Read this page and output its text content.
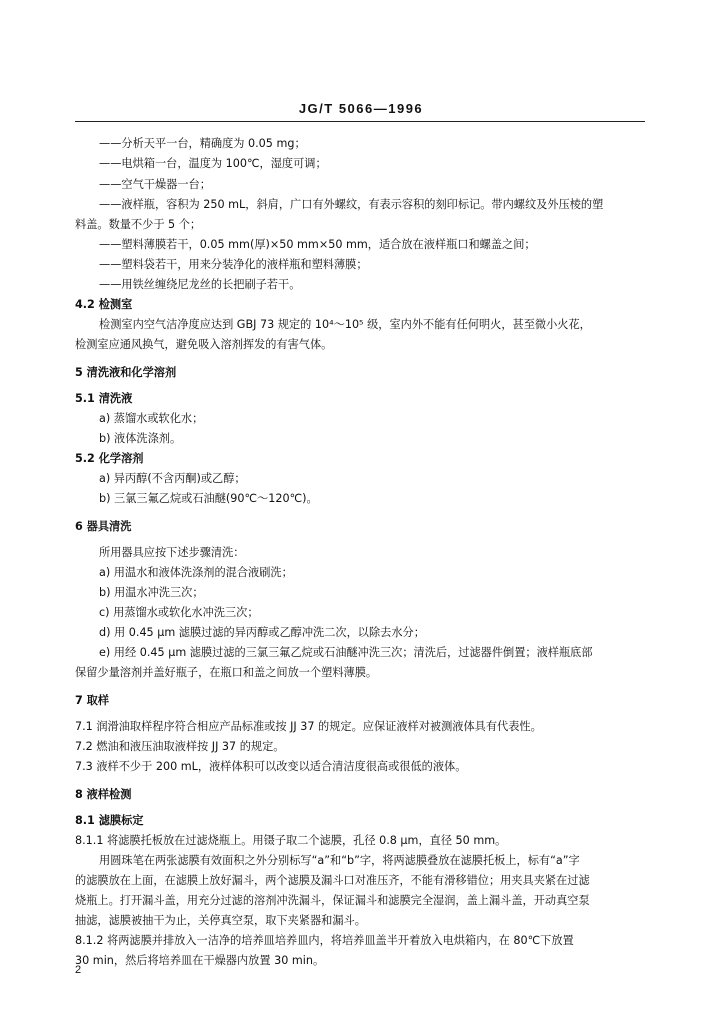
JG/T 5066—1996
——分析天平一台，精确度为 0.05 mg；
——电烘箱一台，温度为 100℃，湿度可调；
——空气干燥器一台；
——液样瓶，容积为 250 mL，斜肩，广口有外螺纹，有表示容积的刻印标记。带内螺纹及外压棱的塑
料盖。数量不少于 5 个；
——塑料薄膜若干，0.05 mm(厚)×50 mm×50 mm，适合放在液样瓶口和螺盖之间；
——塑料袋若干，用来分装净化的液样瓶和塑料薄膜；
——用铁丝缠绕尼龙丝的长把刷子若干。
4.2 检测室
检测室内空气洁净度应达到 GBJ 73 规定的 10⁴～10⁵ 级，室内外不能有任何明火，甚至微小火花，
检测室应通风换气，避免吸入溶剂挥发的有害气体。
5 清洗液和化学溶剂
5.1 清洗液
a) 蒸馏水或软化水；
b) 液体洗涤剂。
5.2 化学溶剂
a) 异丙醇(不含丙酮)或乙醇；
b) 三氯三氟乙烷或石油醚(90℃～120℃)。
6 器具清洗
所用器具应按下述步骤清洗：
a) 用温水和液体洗涤剂的混合液刷洗；
b) 用温水冲洗三次；
c) 用蒸馏水或软化水冲洗三次；
d) 用 0.45 μm 滤膜过滤的异丙醇或乙醇冲洗二次，以除去水分；
e) 用经 0.45 μm 滤膜过滤的三氯三氟乙烷或石油醚冲洗三次；清洗后，过滤器件倒置；液样瓶底部
保留少量溶剂并盖好瓶子，在瓶口和盖之间放一个塑料薄膜。
7 取样
7.1 润滑油取样程序符合相应产品标准或按 JJ 37 的规定。应保证液样对被测液体具有代表性。
7.2 燃油和液压油取液样按 JJ 37 的规定。
7.3 液样不少于 200 mL，液样体积可以改变以适合清洁度很高或很低的液体。
8 液样检测
8.1 滤膜标定
8.1.1 将滤膜托板放在过滤烧瓶上。用镊子取二个滤膜，孔径 0.8 μm，直径 50 mm。
用圆珠笔在两张滤膜有效面积之外分别标写“a”和“b”字，将两滤膜叠放在滤膜托板上，标有“a”字
的滤膜放在上面，在滤膜上放好漏斗，两个滤膜及漏斗口对准压齐，不能有滑移错位；用夹具夹紧在过滤
烧瓶上。打开漏斗盖，用充分过滤的溶剂冲洗漏斗，保证漏斗和滤膜完全湿润，盖上漏斗盖，开动真空泵
抽滤，滤膜被抽干为止，关停真空泵，取下夹紧器和漏斗。
8.1.2 将两滤膜并排放入一洁净的培养皿培养皿内，将培养皿盖半开着放入电烘箱内，在 80℃下放置
30 min，然后将培养皿在干燥器内放置 30 min。
2
